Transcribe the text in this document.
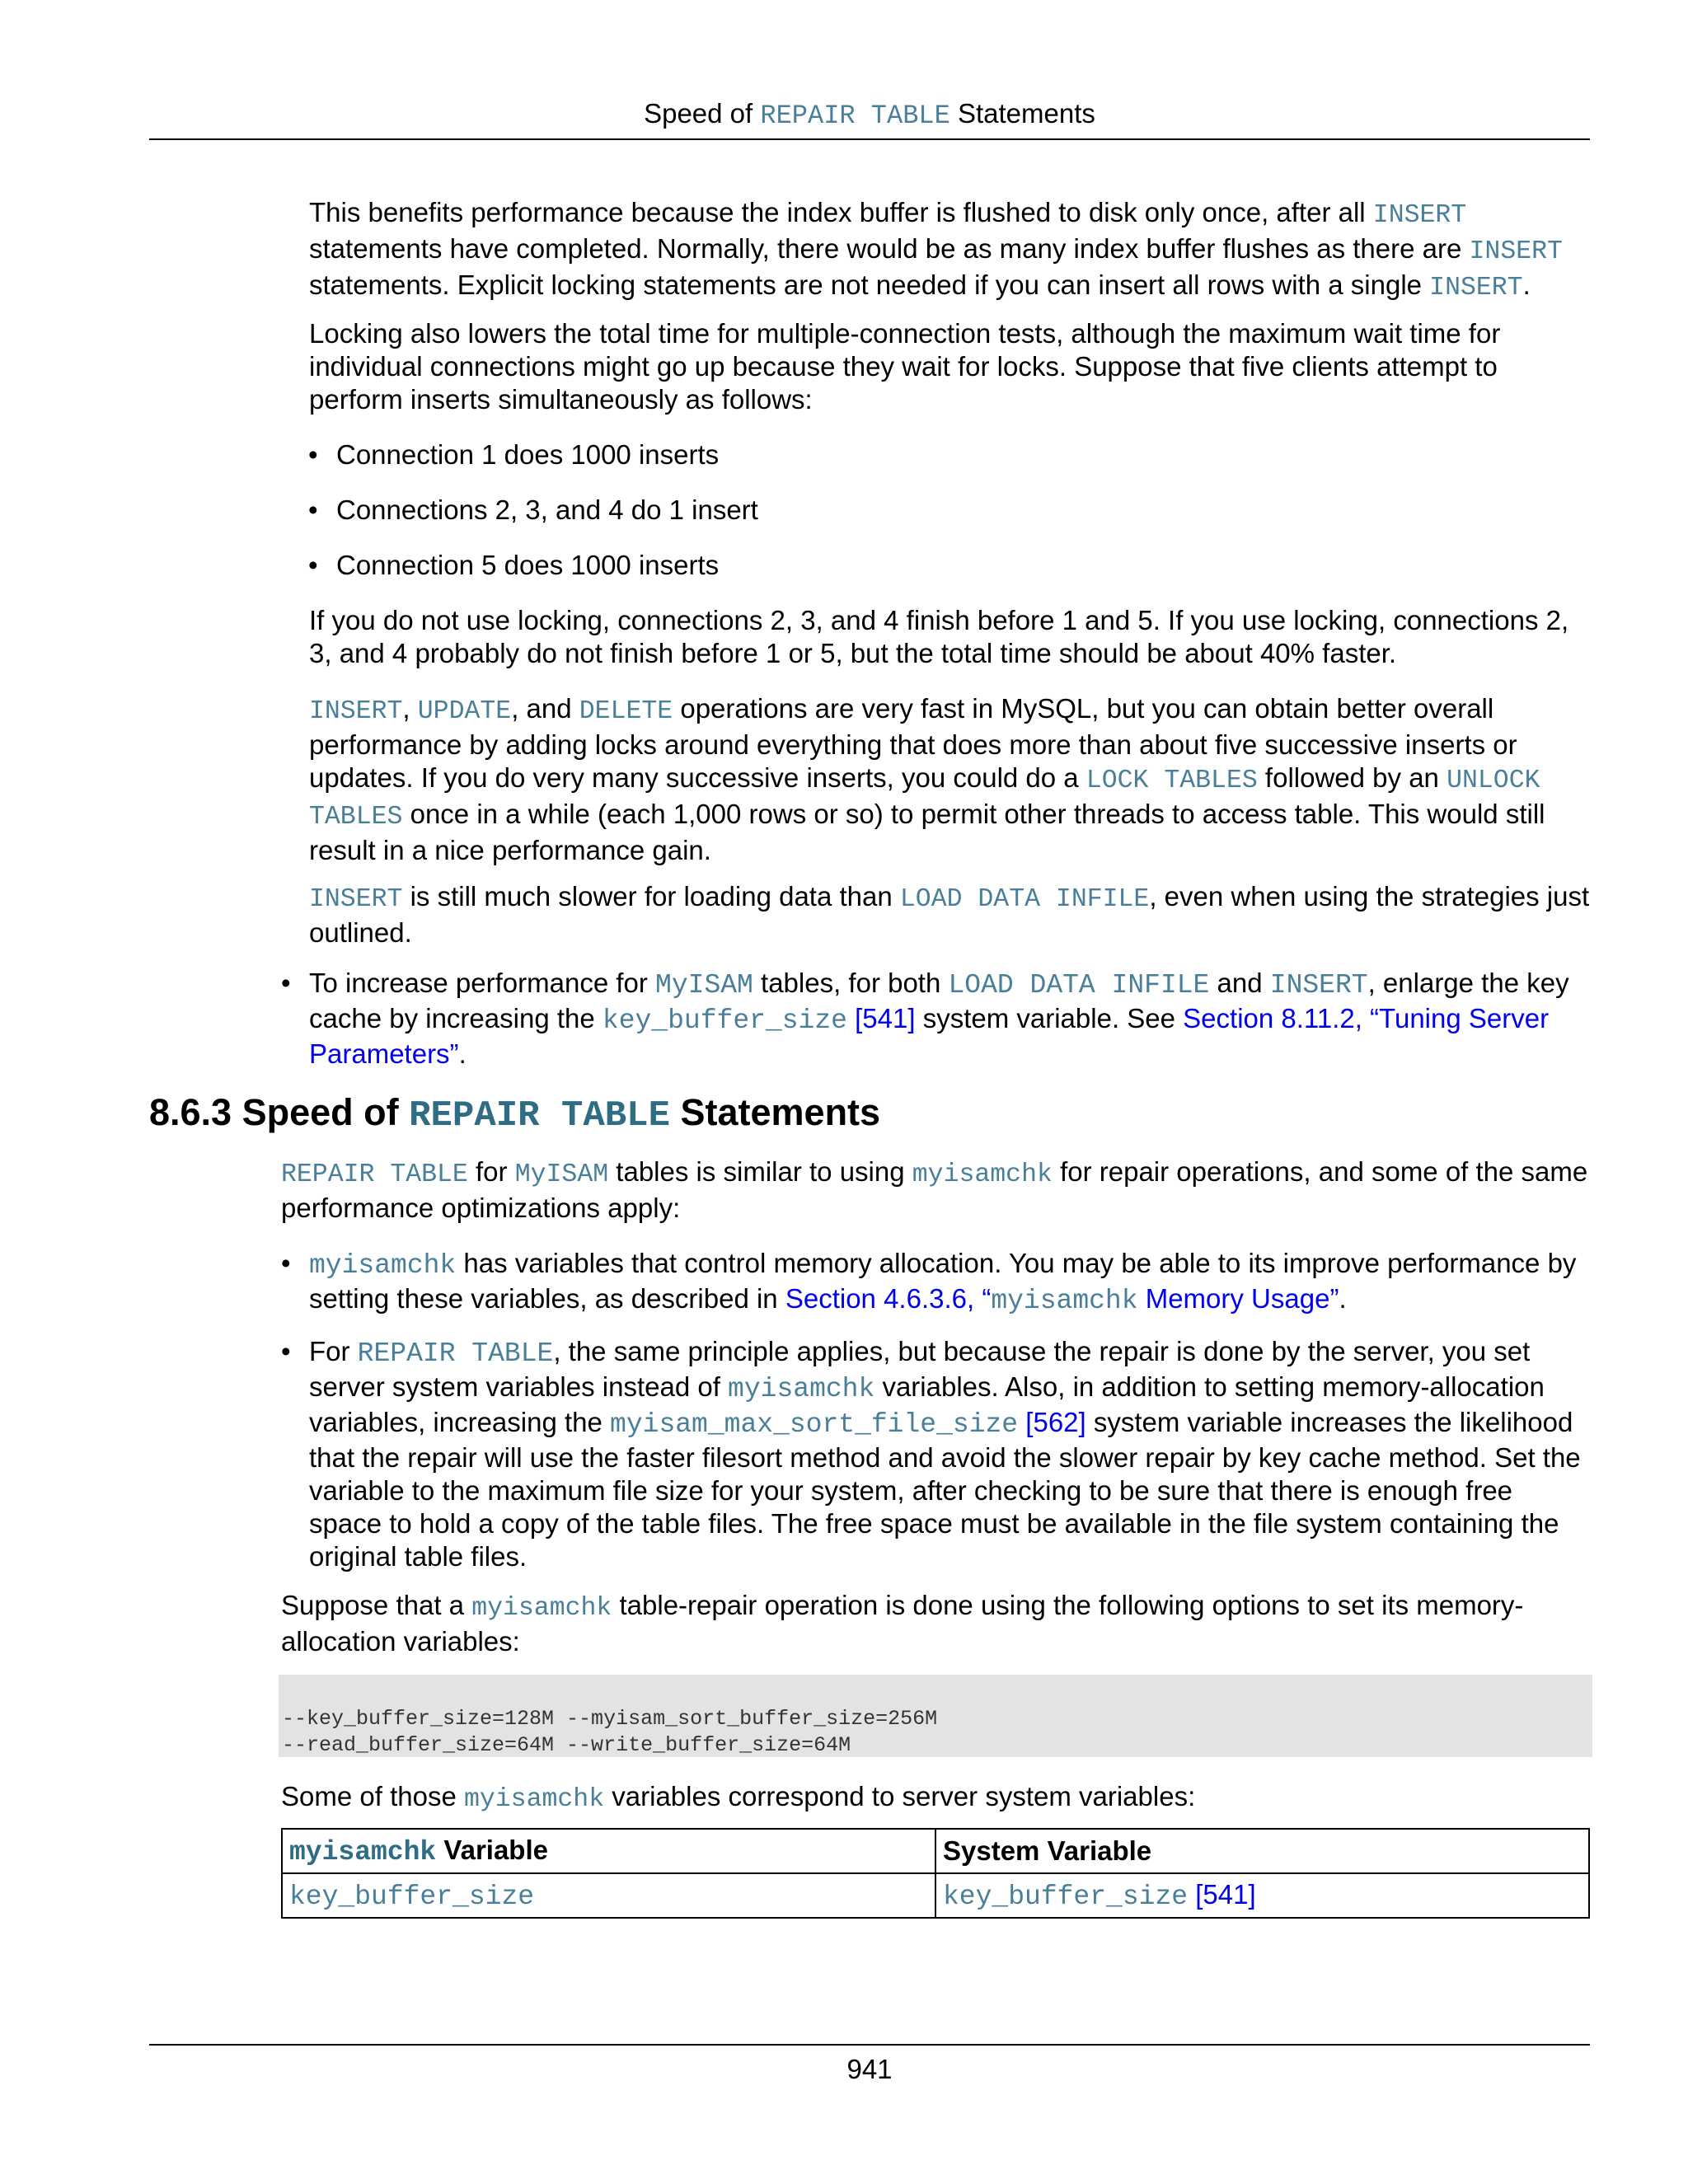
Speed of REPAIR TABLE Statements

This benefits performance because the index buffer is flushed to disk only once, after all INSERT statements have completed. Normally, there would be as many index buffer flushes as there are INSERT statements. Explicit locking statements are not needed if you can insert all rows with a single INSERT.

Locking also lowers the total time for multiple-connection tests, although the maximum wait time for individual connections might go up because they wait for locks. Suppose that five clients attempt to perform inserts simultaneously as follows:

• Connection 1 does 1000 inserts
• Connections 2, 3, and 4 do 1 insert
• Connection 5 does 1000 inserts

If you do not use locking, connections 2, 3, and 4 finish before 1 and 5. If you use locking, connections 2, 3, and 4 probably do not finish before 1 or 5, but the total time should be about 40% faster.

INSERT, UPDATE, and DELETE operations are very fast in MySQL, but you can obtain better overall performance by adding locks around everything that does more than about five successive inserts or updates. If you do very many successive inserts, you could do a LOCK TABLES followed by an UNLOCK TABLES once in a while (each 1,000 rows or so) to permit other threads to access table. This would still result in a nice performance gain.

INSERT is still much slower for loading data than LOAD DATA INFILE, even when using the strategies just outlined.

• To increase performance for MyISAM tables, for both LOAD DATA INFILE and INSERT, enlarge the key cache by increasing the key_buffer_size [541] system variable. See Section 8.11.2, “Tuning Server Parameters”.
8.6.3 Speed of REPAIR TABLE Statements

REPAIR TABLE for MyISAM tables is similar to using myisamchk for repair operations, and some of the same performance optimizations apply:

• myisamchk has variables that control memory allocation. You may be able to its improve performance by setting these variables, as described in Section 4.6.3.6, “myisamchk Memory Usage”.
• For REPAIR TABLE, the same principle applies, but because the repair is done by the server, you set server system variables instead of myisamchk variables. Also, in addition to setting memory-allocation variables, increasing the myisam_max_sort_file_size [562] system variable increases the likelihood that the repair will use the faster filesort method and avoid the slower repair by key cache method. Set the variable to the maximum file size for your system, after checking to be sure that there is enough free space to hold a copy of the table files. The free space must be available in the file system containing the original table files.

Suppose that a myisamchk table-repair operation is done using the following options to set its memory-allocation variables:

--key_buffer_size=128M --myisam_sort_buffer_size=256M
--read_buffer_size=64M --write_buffer_size=64M

Some of those myisamchk variables correspond to server system variables:

myisamchk Variable	System Variable
key_buffer_size	key_buffer_size [541]
941
